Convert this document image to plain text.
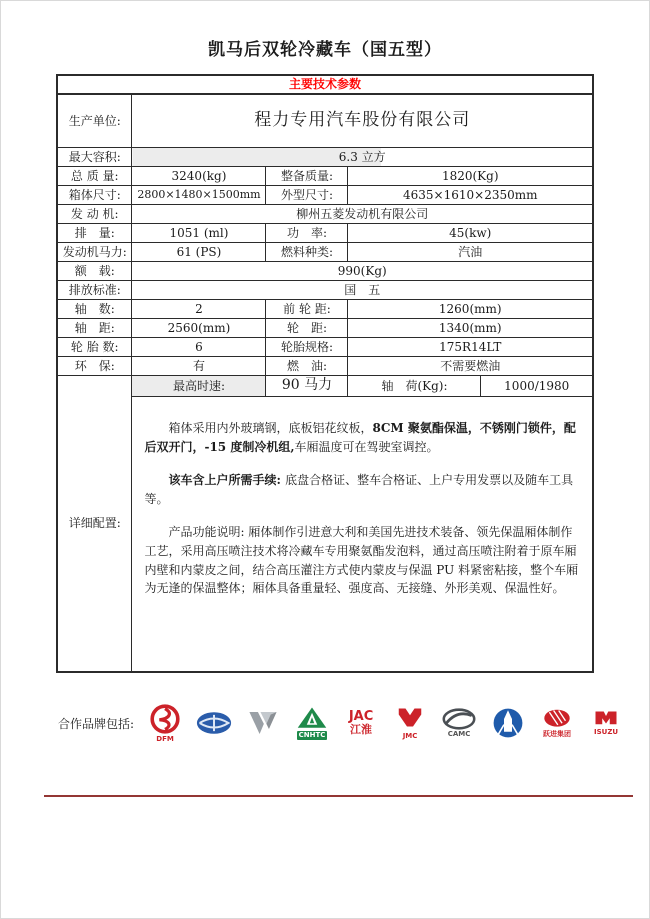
凯马后双轮冷藏车（国五型）
主要技术参数				
生产单位:	程力专用汽车股份有限公司			
最大容积:	6.3 立方			
总 质 量:	3240(kg)	整备质量:	1820(Kg)	
箱体尺寸:	2800×1480×1500mm	外型尺寸:	4635×1610×2350mm	
发 动 机:	柳州五菱发动机有限公司			
排　量:	1051 (ml)	功　率:	45(kw)	
发动机马力:	61 (PS)	燃料种类:	汽油	
额　载:	990(Kg)			
排放标准:	国　五			
轴　数:	2	前 轮 距:	1260(mm)	
轴　距:	2560(mm)	轮　距:	1340(mm)	
轮 胎 数:	6	轮胎规格:	175R14LT	
环　保:	有	燃　油:	不需要燃油	
详细配置:	最高时速:	90 马力	轴　荷(Kg):	1000/1980

	箱体采用内外玻璃钢，底板铝花纹板，8CM 聚氨酯保温，不锈刚门锁件，配后双开门，-15 度制冷机组,车厢温度可在驾驶室调控。

该车含上户所需手续: 底盘合格证、整车合格证、上户专用发票以及随车工具等。

产品功能说明: 厢体制作引进意大利和美国先进技术装备、领先保温厢体制作工艺，采用高压喷注技术将冷藏车专用聚氨酯发泡料，通过高压喷注附着于原车厢内壁和内蒙皮之间，结合高压灌注方式使内蒙皮与保温 PU 料紧密粘接，整个车厢为无逢的保温整体；厢体具备重量轻、强度高、无接缝、外形美观、保温性好。			

合作品牌包括:
DFM	CNHTC
JAC
江淮
JMC	CAMC	跃进集团	ISUZU
